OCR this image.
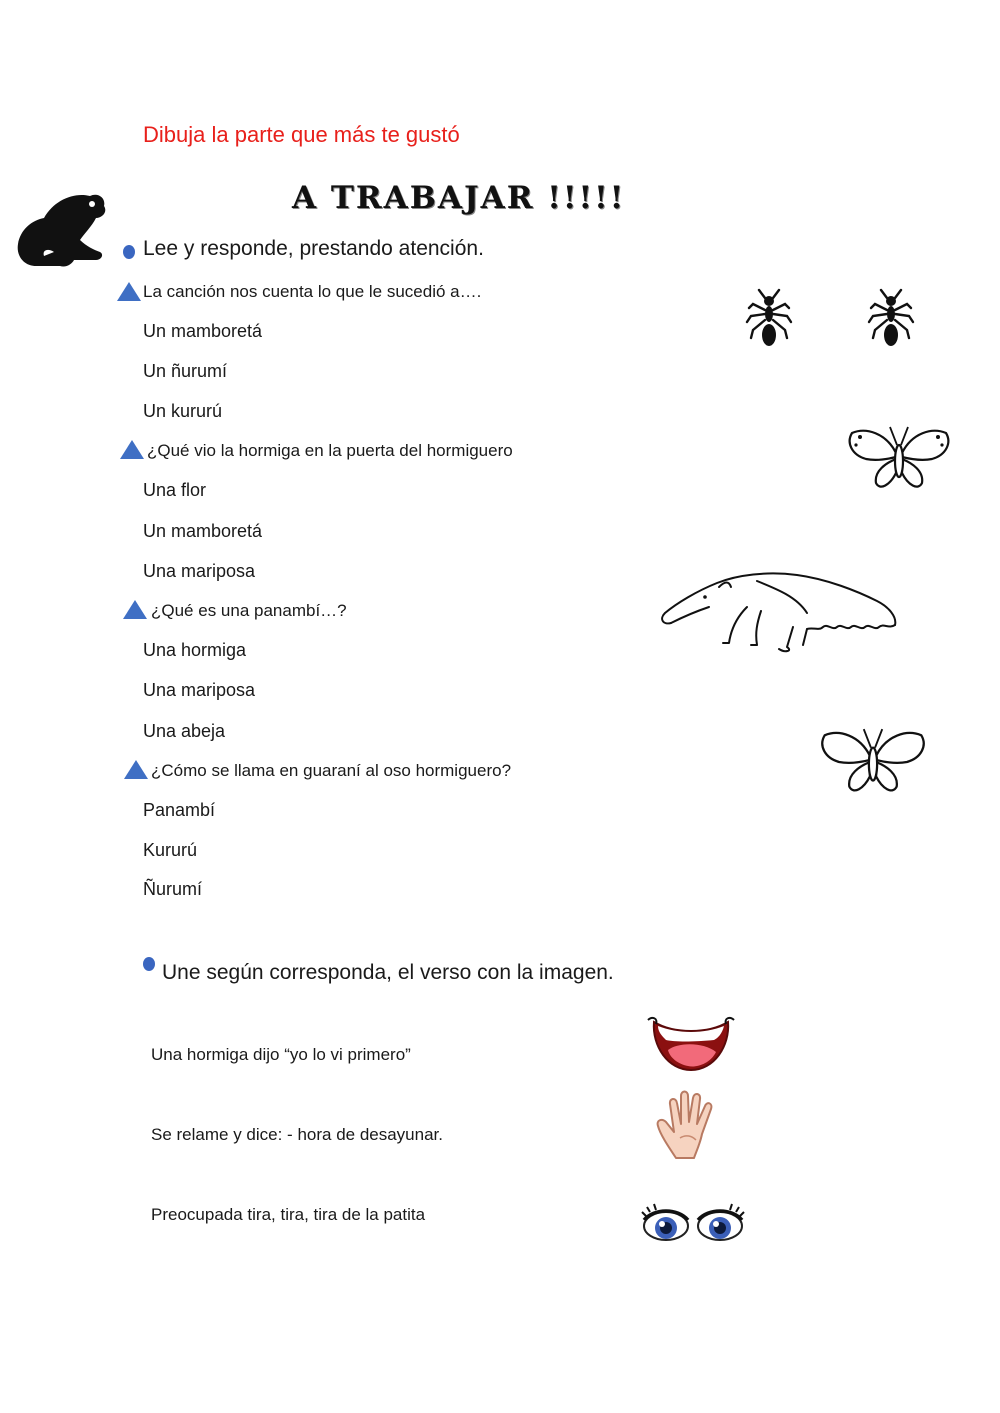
Dibuja la parte que más te gustó
A TRABAJAR !!!!!
Lee y responde, prestando atención.
La canción nos cuenta lo que le sucedió a….
Un mamboretá
Un ñurumí
Un kururú
¿Qué vio la hormiga en la puerta del hormiguero
Una flor
Un mamboretá
Una mariposa
¿Qué es una panambí…?
Una hormiga
Una mariposa
Una abeja
¿Cómo se llama en guaraní al oso hormiguero?
Panambí
Kururú
Ñurumí
Une según corresponda, el verso con la imagen.
Una hormiga dijo “yo lo vi primero”
Se relame y dice: - hora de desayunar.
Preocupada tira, tira, tira de la patita
